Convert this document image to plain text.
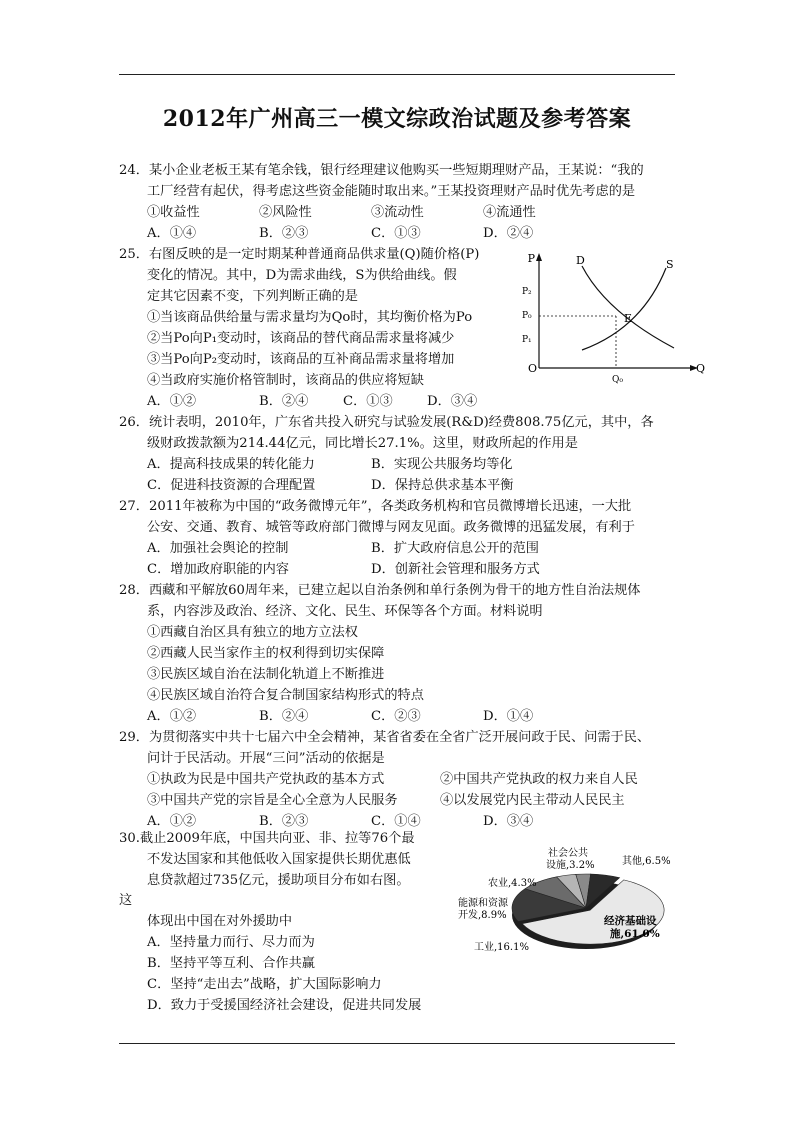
2012年广州高三一模文综政治试题及参考答案
24．某小企业老板王某有笔余钱，银行经理建议他购买一些短期理财产品，王某说：“我的
工厂经营有起伏，得考虑这些资金能随时取出来。”王某投资理财产品时优先考虑的是
①收益性	②风险性	③流动性	④流通性
A．①④	B．②③	C．①③	D．②④
25．右图反映的是一定时期某种普通商品供求量(Q)随价格(P)
变化的情况。其中，D为需求曲线，S为供给曲线。假
定其它因素不变，下列判断正确的是
①当该商品供给量与需求量均为Qo时，其均衡价格为Po
②当Po向P₁变动时，该商品的替代商品需求量将减少
③当Po向P₂变动时，该商品的互补商品需求量将增加
④当政府实施价格管制时，该商品的供应将短缺
A．①②	B．②④	C．①③	D．③④
P
Q
O
D	S
E
P₂
P₀
P₁
Q₀
26．统计表明，2010年，广东省共投入研究与试验发展(R&D)经费808.75亿元，其中，各
级财政拨款额为214.44亿元，同比增长27.1%。这里，财政所起的作用是
A．提高科技成果的转化能力	B．实现公共服务均等化
C．促进科技资源的合理配置	D．保持总供求基本平衡
27．2011年被称为中国的“政务微博元年”，各类政务机构和官员微博增长迅速，一大批
公安、交通、教育、城管等政府部门微博与网友见面。政务微博的迅猛发展，有利于
A．加强社会舆论的控制	B．扩大政府信息公开的范围
C．增加政府职能的内容	D．创新社会管理和服务方式
28．西藏和平解放60周年来，已建立起以自治条例和单行条例为骨干的地方性自治法规体
系，内容涉及政治、经济、文化、民生、环保等各个方面。材料说明
①西藏自治区具有独立的地方立法权
②西藏人民当家作主的权利得到切实保障
③民族区域自治在法制化轨道上不断推进
④民族区域自治符合复合制国家结构形式的特点
A．①②	B．②④	C．②③	D．①④
29．为贯彻落实中共十七届六中全会精神，某省省委在全省广泛开展问政于民、问需于民、
问计于民活动。开展“三问”活动的依据是
①执政为民是中国共产党执政的基本方式	②中国共产党执政的权力来自人民
③中国共产党的宗旨是全心全意为人民服务	④以发展党内民主带动人民民主
A．①②	B．②③	C．①④	D．③④
30.截止2009年底，中国共向亚、非、拉等76个最
不发达国家和其他低收入国家提供长期优惠低
息贷款超过735亿元，援助项目分布如右图。
这
体现出中国在对外援助中
A．坚持量力而行、尽力而为
B．坚持平等互利、合作共赢
C．坚持“走出去”战略，扩大国际影响力
D．致力于受援国经济社会建设，促进共同发展
社会公共
设施,3.2%	其他,6.5%
农业,4.3%
能源和资源
开发,8.9%	经济基础设
施,61.0%
工业,16.1%
